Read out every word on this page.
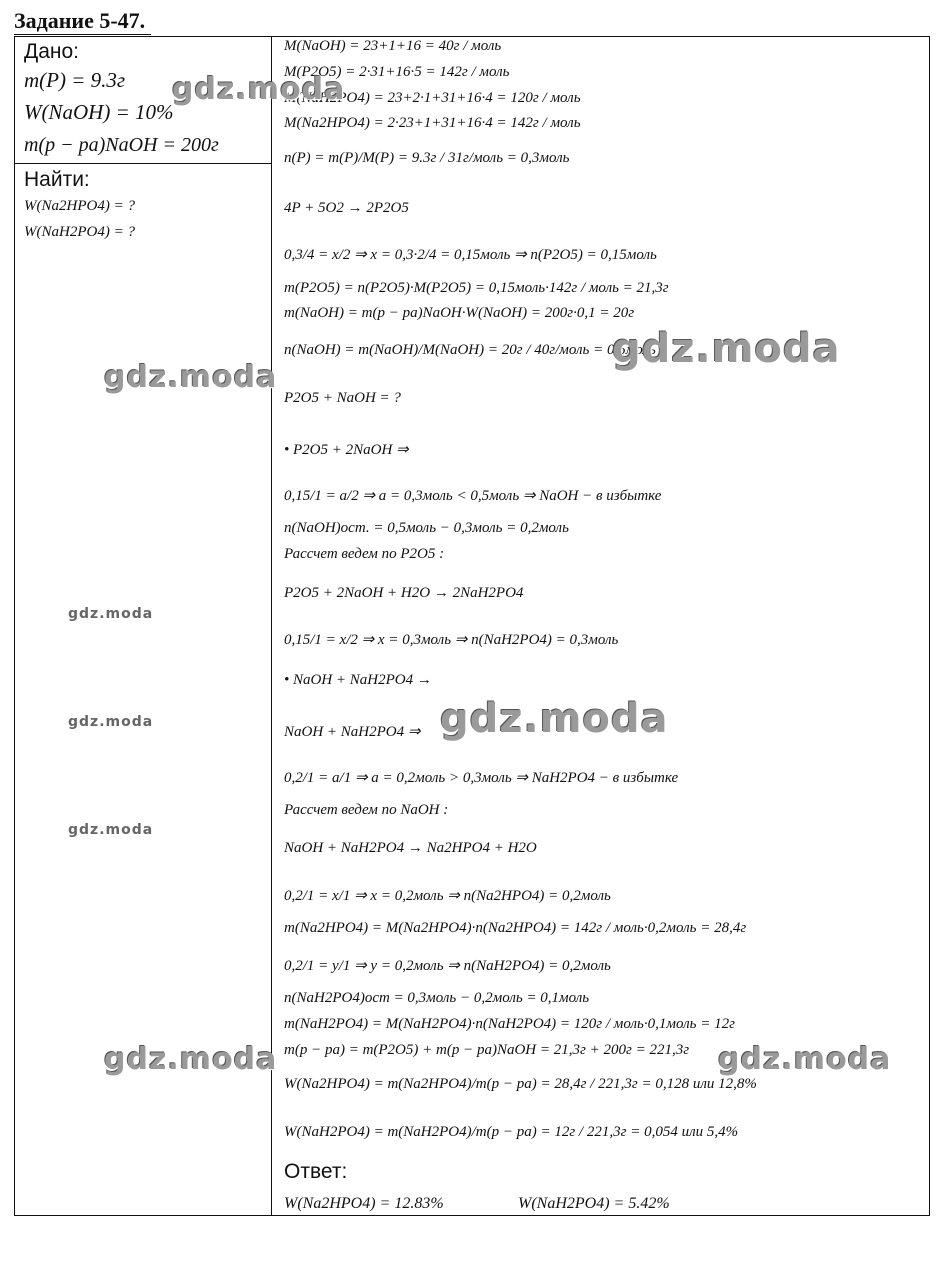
Задание 5-47.
Дано:
m(P) = 9.3г
W(NaOH) = 10%
m(p − pa)NaOH = 200г
Найти:
W(Na2HPO4) = ?
W(NaH2PO4) = ?
M(NaOH) = 23+1+16 = 40г / моль
M(P2O5) = 2·31+16·5 = 142г / моль
M(NaH2PO4) = 23+2·1+31+16·4 = 120г / моль
M(Na2HPO4) = 2·23+1+31+16·4 = 142г / моль
n(P) = m(P)/M(P) = 9.3г / 31г/моль = 0,3моль
4P + 5O2 → 2P2O5
0,3/4 = x/2 ⇒ x = 0,3·2/4 = 0,15моль ⇒ n(P2O5) = 0,15моль
m(P2O5) = n(P2O5)·M(P2O5) = 0,15моль·142г / моль = 21,3г
m(NaOH) = m(p − pa)NaOH·W(NaOH) = 200г·0,1 = 20г
n(NaOH) = m(NaOH)/M(NaOH) = 20г / 40г/моль = 0,5моль
P2O5 + NaOH = ?
• P2O5 + 2NaOH ⇒
0,15/1 = a/2 ⇒ a = 0,3моль < 0,5моль ⇒ NaOH − в избытке
n(NaOH)ост. = 0,5моль − 0,3моль = 0,2моль
Рассчет ведем по P2O5 :
P2O5 + 2NaOH + H2O → 2NaH2PO4
0,15/1 = x/2 ⇒ x = 0,3моль ⇒ n(NaH2PO4) = 0,3моль
• NaOH + NaH2PO4 →
NaOH + NaH2PO4 ⇒
0,2/1 = a/1 ⇒ a = 0,2моль > 0,3моль ⇒ NaH2PO4 − в избытке
Рассчет ведем по NaOH :
NaOH + NaH2PO4 → Na2HPO4 + H2O
0,2/1 = x/1 ⇒ x = 0,2моль ⇒ n(Na2HPO4) = 0,2моль
m(Na2HPO4) = M(Na2HPO4)·n(Na2HPO4) = 142г / моль·0,2моль = 28,4г
0,2/1 = y/1 ⇒ y = 0,2моль ⇒ n(NaH2PO4) = 0,2моль
n(NaH2PO4)ост = 0,3моль − 0,2моль = 0,1моль
m(NaH2PO4) = M(NaH2PO4)·n(NaH2PO4) = 120г / моль·0,1моль = 12г
m(p − pa) = m(P2O5) + m(p − pa)NaOH = 21,3г + 200г = 221,3г
W(Na2HPO4) = m(Na2HPO4)/m(p − pa) = 28,4г / 221,3г = 0,128 или 12,8%
W(NaH2PO4) = m(NaH2PO4)/m(p − pa) = 12г / 221,3г = 0,054 или 5,4%
Ответ:
W(Na2HPO4) = 12.83%	W(NaH2PO4) = 5.42%
gdz.moda
gdz.moda
gdz.moda
gdz.moda
gdz.moda
gdz.moda
gdz.moda
gdz.moda	gdz.moda
